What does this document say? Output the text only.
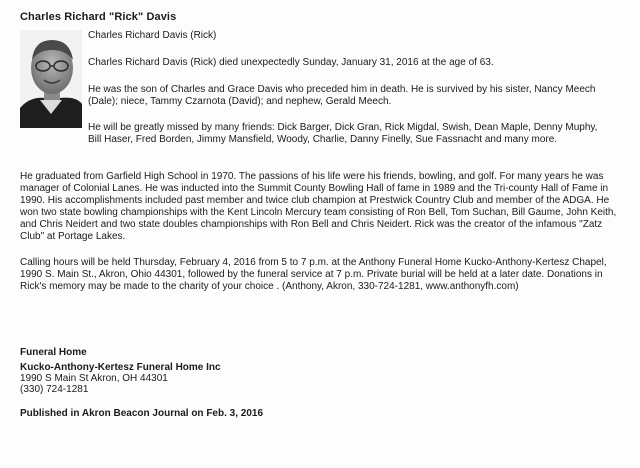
Charles Richard "Rick" Davis
Charles Richard Davis (Rick)

Charles Richard Davis (Rick) died unexpectedly Sunday, January 31, 2016 at the age of 63.

He was the son of Charles and Grace Davis who preceded him in death. He is survived by his sister, Nancy Meech (Dale); niece, Tammy Czarnota (David); and nephew, Gerald Meech.

He will be greatly missed by many friends: Dick Barger, Dick Gran, Rick Migdal, Swish, Dean Maple, Denny Muphy, Bill Haser, Fred Borden, Jimmy Mansfield, Woody, Charlie, Danny Finelly, Sue Fassnacht and many more.

He graduated from Garfield High School in 1970. The passions of his life were his friends, bowling, and golf. For many years he was manager of Colonial Lanes. He was inducted into the Summit County Bowling Hall of fame in 1989 and the Tri-county Hall of Fame in 1990. His accomplishments included past member and twice club champion at Prestwick Country Club and member of the ADGA. He won two state bowling championships with the Kent Lincoln Mercury team consisting of Ron Bell, Tom Suchan, Bill Gaume, John Keith, and Chris Neidert and two state doubles championships with Ron Bell and Chris Neidert. Rick was the creator of the infamous "Zatz Club" at Portage Lakes.

Calling hours will be held Thursday, February 4, 2016 from 5 to 7 p.m. at the Anthony Funeral Home Kucko-Anthony-Kertesz Chapel, 1990 S. Main St., Akron, Ohio 44301, followed by the funeral service at 7 p.m. Private burial will be held at a later date. Donations in Rick's memory may be made to the charity of your choice . (Anthony, Akron, 330-724-1281, www.anthonyfh.com)

Funeral Home
Kucko-Anthony-Kertesz Funeral Home Inc
1990 S Main St Akron, OH 44301
(330) 724-1281
Published in Akron Beacon Journal on Feb. 3, 2016
